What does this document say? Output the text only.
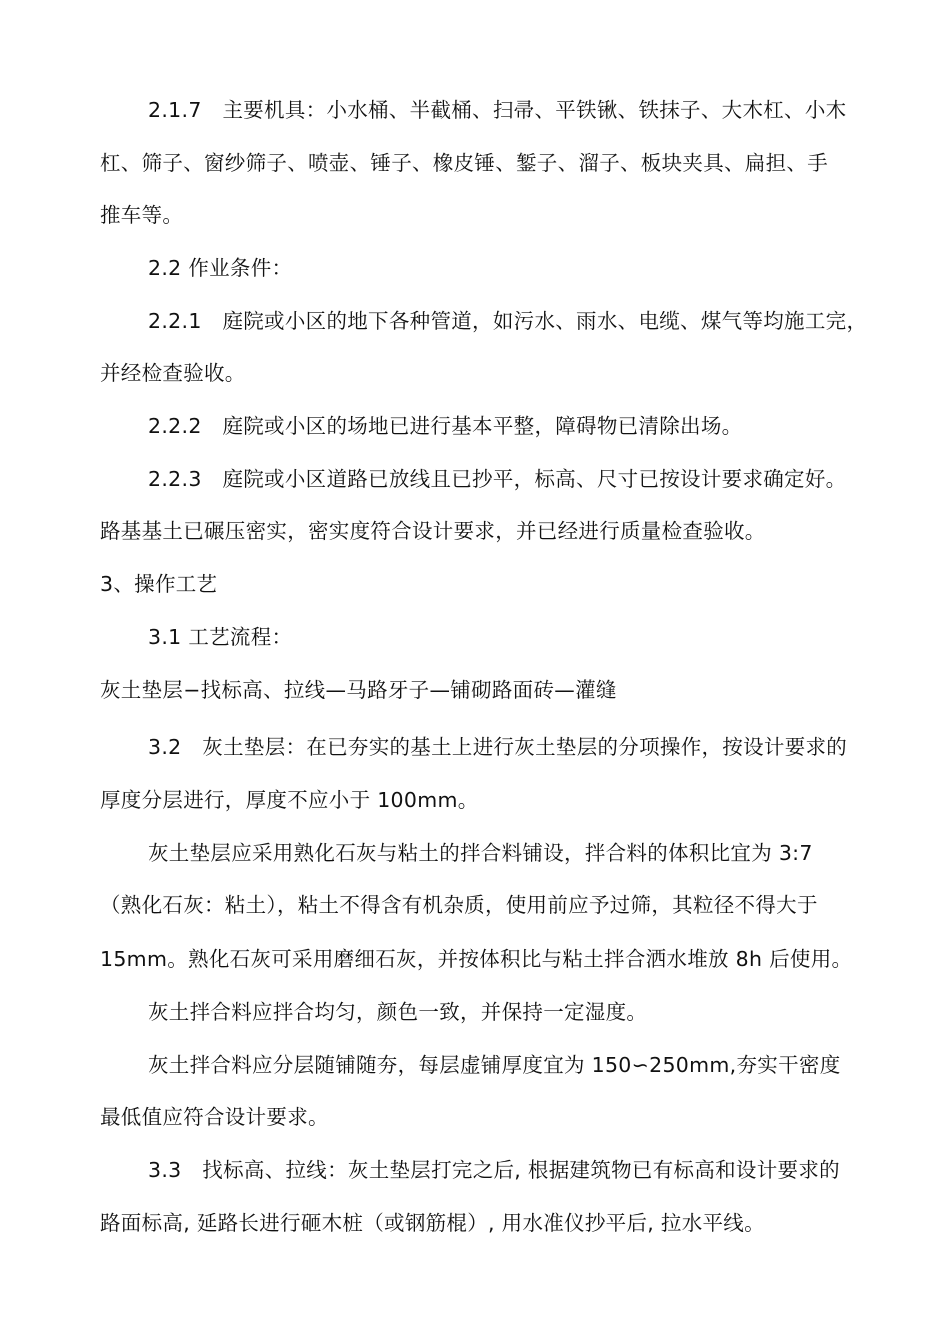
2.1.7　主要机具：小水桶、半截桶、扫帚、平铁锹、铁抹子、大木杠、小木
杠、筛子、窗纱筛子、喷壶、锤子、橡皮锤、錾子、溜子、板块夹具、扁担、手
推车等。
2.2 作业条件：
2.2.1　庭院或小区的地下各种管道，如污水、雨水、电缆、煤气等均施工完，
并经检查验收。
2.2.2　庭院或小区的场地已进行基本平整，障碍物已清除出场。
2.2.3　庭院或小区道路已放线且已抄平，标高、尺寸已按设计要求确定好。
路基基土已碾压密实，密实度符合设计要求，并已经进行质量检查验收。
3、操作工艺
3.1 工艺流程：
灰土垫层−找标高、拉线—马路牙子—铺砌路面砖—灌缝
3.2　灰土垫层：在已夯实的基土上进行灰土垫层的分项操作，按设计要求的
厚度分层进行，厚度不应小于 100mm。
灰土垫层应采用熟化石灰与粘土的拌合料铺设，拌合料的体积比宜为 3:7
（熟化石灰：粘土），粘土不得含有机杂质，使用前应予过筛，其粒径不得大于
15mm。熟化石灰可采用磨细石灰，并按体积比与粘土拌合洒水堆放 8h 后使用。
灰土拌合料应拌合均匀，颜色一致，并保持一定湿度。
灰土拌合料应分层随铺随夯，每层虚铺厚度宜为 150∽250mm,夯实干密度
最低值应符合设计要求。
3.3　找标高、拉线：灰土垫层打完之后, 根据建筑物已有标高和设计要求的
路面标高, 延路长进行砸木桩（或钢筋棍）, 用水准仪抄平后, 拉水平线。
